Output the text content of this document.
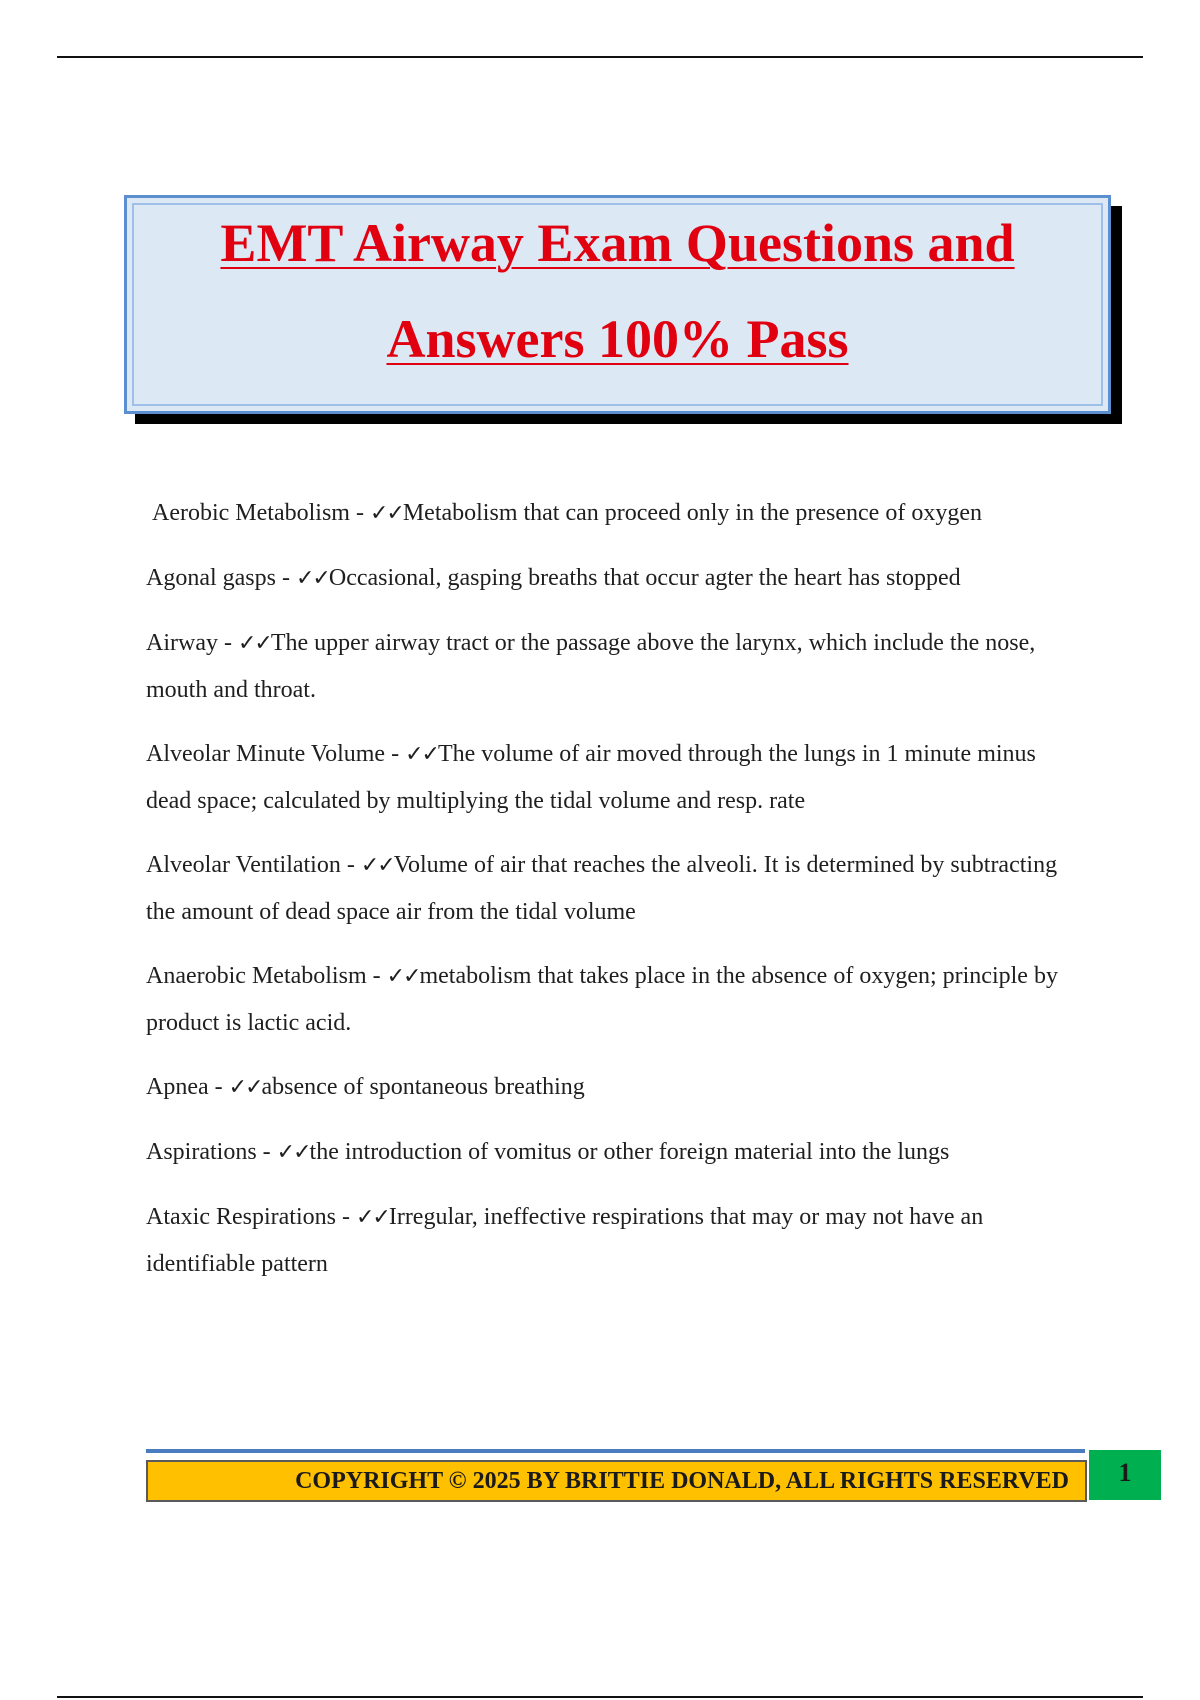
EMT Airway Exam Questions and
Answers 100% Pass
Aerobic Metabolism - ✓✓Metabolism that can proceed only in the presence of oxygen
Agonal gasps - ✓✓Occasional, gasping breaths that occur agter the heart has stopped
Airway - ✓✓The upper airway tract or the passage above the larynx, which include the nose, mouth and throat.
Alveolar Minute Volume - ✓✓The volume of air moved through the lungs in 1 minute minus dead space; calculated by multiplying the tidal volume and resp. rate
Alveolar Ventilation - ✓✓Volume of air that reaches the alveoli. It is determined by subtracting the amount of dead space air from the tidal volume
Anaerobic Metabolism - ✓✓metabolism that takes place in the absence of oxygen; principle by product is lactic acid.
Apnea - ✓✓absence of spontaneous breathing
Aspirations - ✓✓the introduction of vomitus or other foreign material into the lungs
Ataxic Respirations - ✓✓Irregular, ineffective respirations that may or may not have an identifiable pattern
COPYRIGHT © 2025 BY BRITTIE DONALD, ALL RIGHTS RESERVED	1
